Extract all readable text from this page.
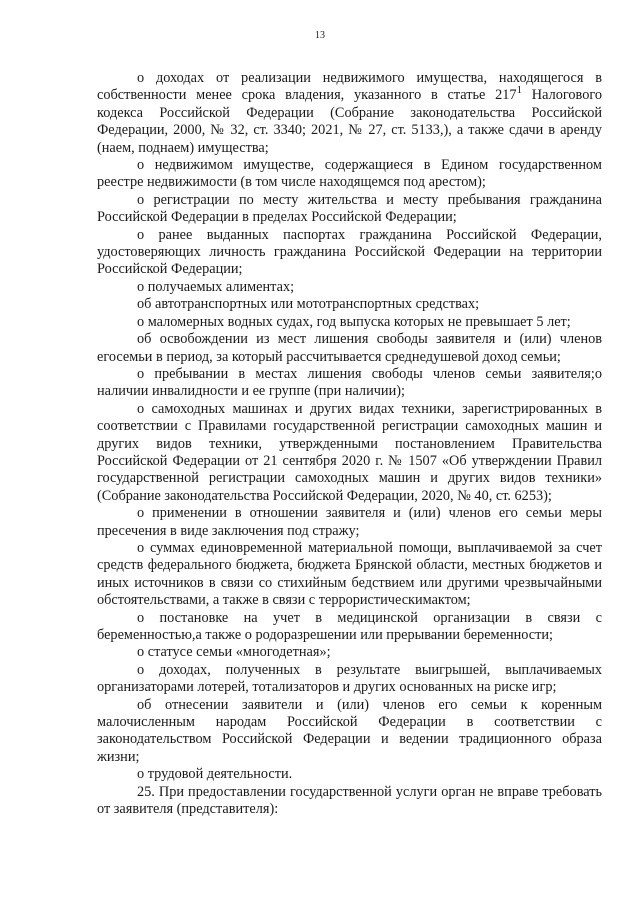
13

о доходах от реализации недвижимого имущества, находящегося в собственности менее срока владения, указанного в статье $217^1$ Налогового кодекса Российской Федерации (Собрание законодательства Российской Федерации, 2000, № 32, ст. 3340; 2021, № 27, ст. 5133,), а также сдачи в аренду (наем, поднаем) имущества;

о недвижимом имуществе, содержащиеся в Едином государственном реестре недвижимости (в том числе находящемся под арестом);

о регистрации по месту жительства и месту пребывания гражданина Российской Федерации в пределах Российской Федерации;

о ранее выданных паспортах гражданина Российской Федерации, удостоверяющих личность гражданина Российской Федерации на территории Российской Федерации;

о получаемых алиментах;

об автотранспортных или мототранспортных средствах;

о маломерных водных судах, год выпуска которых не превышает 5 лет;

об освобождении из мест лишения свободы заявителя и (или) членов егосемьи в период, за который рассчитывается среднедушевой доход семьи;

о пребывании в местах лишения свободы членов семьи заявителя;о наличии инвалидности и ее группе (при наличии);

о самоходных машинах и других видах техники, зарегистрированных в соответствии с Правилами государственной регистрации самоходных машин и других видов техники, утвержденными постановлением Правительства Российской Федерации от 21 сентября 2020 г. № 1507 «Об утверждении Правил государственной регистрации самоходных машин и других видов техники» (Собрание законодательства Российской Федерации, 2020, № 40, ст. 6253);

о применении в отношении заявителя и (или) членов его семьи меры пресечения в виде заключения под стражу;

о суммах единовременной материальной помощи, выплачиваемой за счет средств федерального бюджета, бюджета Брянской области, местных бюджетов и иных источников в связи со стихийным бедствием или другими чрезвычайными обстоятельствами, а также в связи с террористическимактом;

о постановке на учет в медицинской организации в связи с беременностью,а также о родоразрешении или прерывании беременности;

о статусе семьи «многодетная»;

о доходах, полученных в результате выигрышей, выплачиваемых организаторами лотерей, тотализаторов и других основанных на риске игр;

об отнесении заявители и (или) членов его семьи к коренным малочисленным народам Российской Федерации в соответствии с законодательством Российской Федерации и ведении традиционного образа жизни;

о трудовой деятельности.

25. При предоставлении государственной услуги орган не вправе требовать от заявителя (представителя):
